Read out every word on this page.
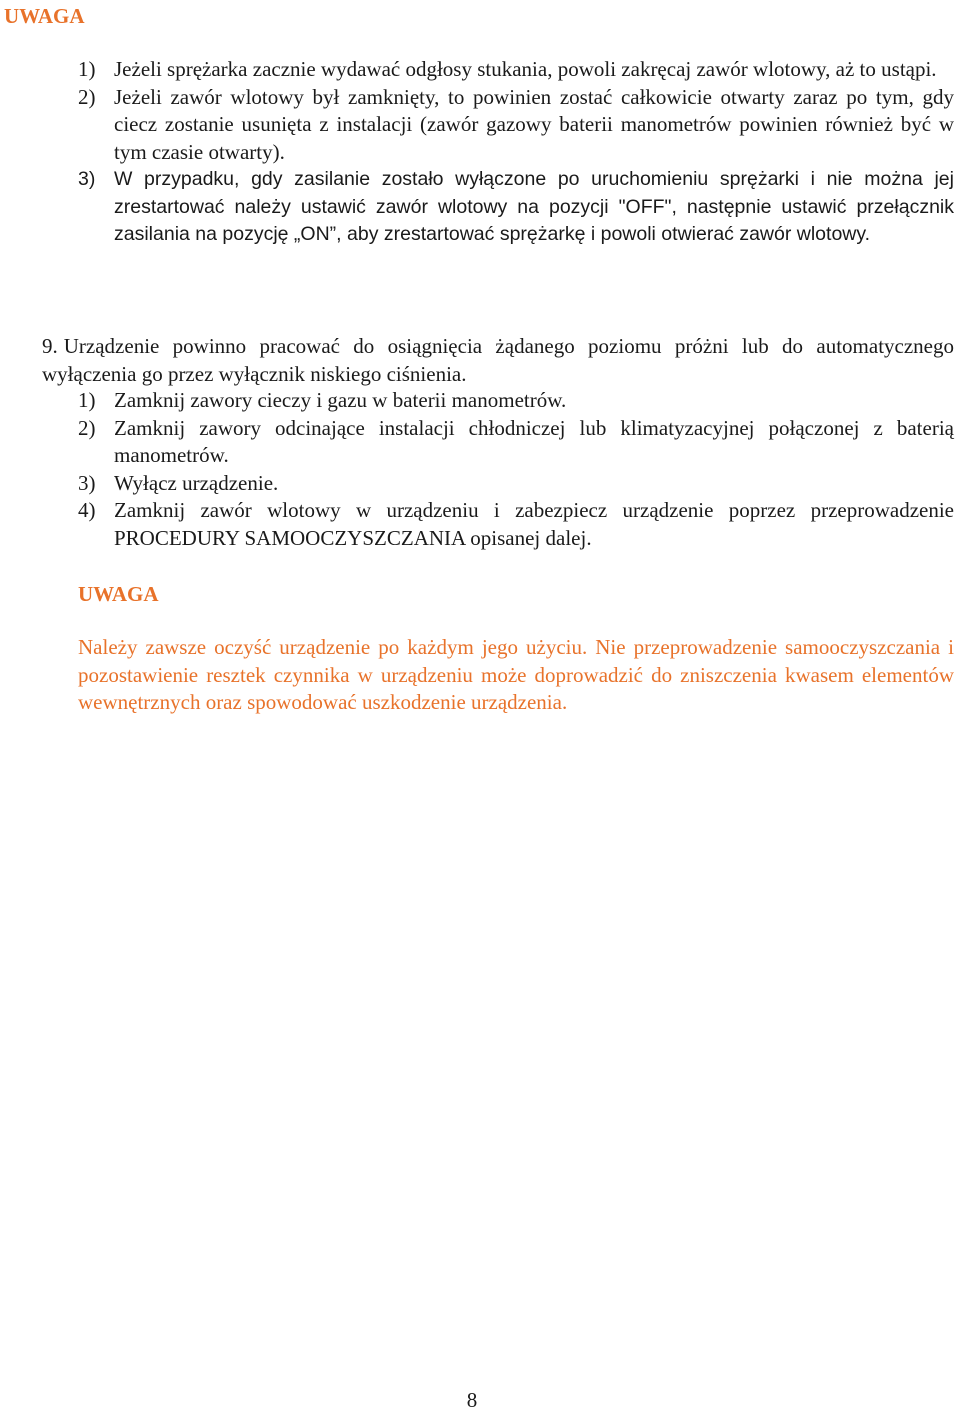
UWAGA
1) Jeżeli sprężarka zacznie wydawać odgłosy stukania, powoli zakręcaj zawór wlotowy, aż to ustąpi.
2) Jeżeli zawór wlotowy był zamknięty, to powinien zostać całkowicie otwarty zaraz po tym, gdy ciecz zostanie usunięta z instalacji (zawór gazowy baterii manometrów powinien również być w tym czasie otwarty).
3) W przypadku, gdy zasilanie zostało wyłączone po uruchomieniu sprężarki i nie można jej zrestartować należy ustawić zawór wlotowy na pozycji "OFF", następnie ustawić przełącznik zasilania na pozycję „ON”, aby zrestartować sprężarkę i powoli otwierać zawór wlotowy.
9. Urządzenie powinno pracować do osiągnięcia żądanego poziomu próżni lub do automatycznego wyłączenia go przez wyłącznik niskiego ciśnienia.
1) Zamknij zawory cieczy i gazu w baterii manometrów.
2) Zamknij zawory odcinające instalacji chłodniczej lub klimatyzacyjnej połączonej z baterią manometrów.
3) Wyłącz urządzenie.
4) Zamknij zawór wlotowy w urządzeniu i zabezpiecz urządzenie poprzez przeprowadzenie PROCEDURY SAMOOCZYSZCZANIA opisanej dalej.
UWAGA
Należy zawsze oczyść urządzenie po każdym jego użyciu. Nie przeprowadzenie samooczyszczania i pozostawienie resztek czynnika w urządzeniu może doprowadzić do zniszczenia kwasem elementów wewnętrznych oraz spowodować uszkodzenie urządzenia.
8
